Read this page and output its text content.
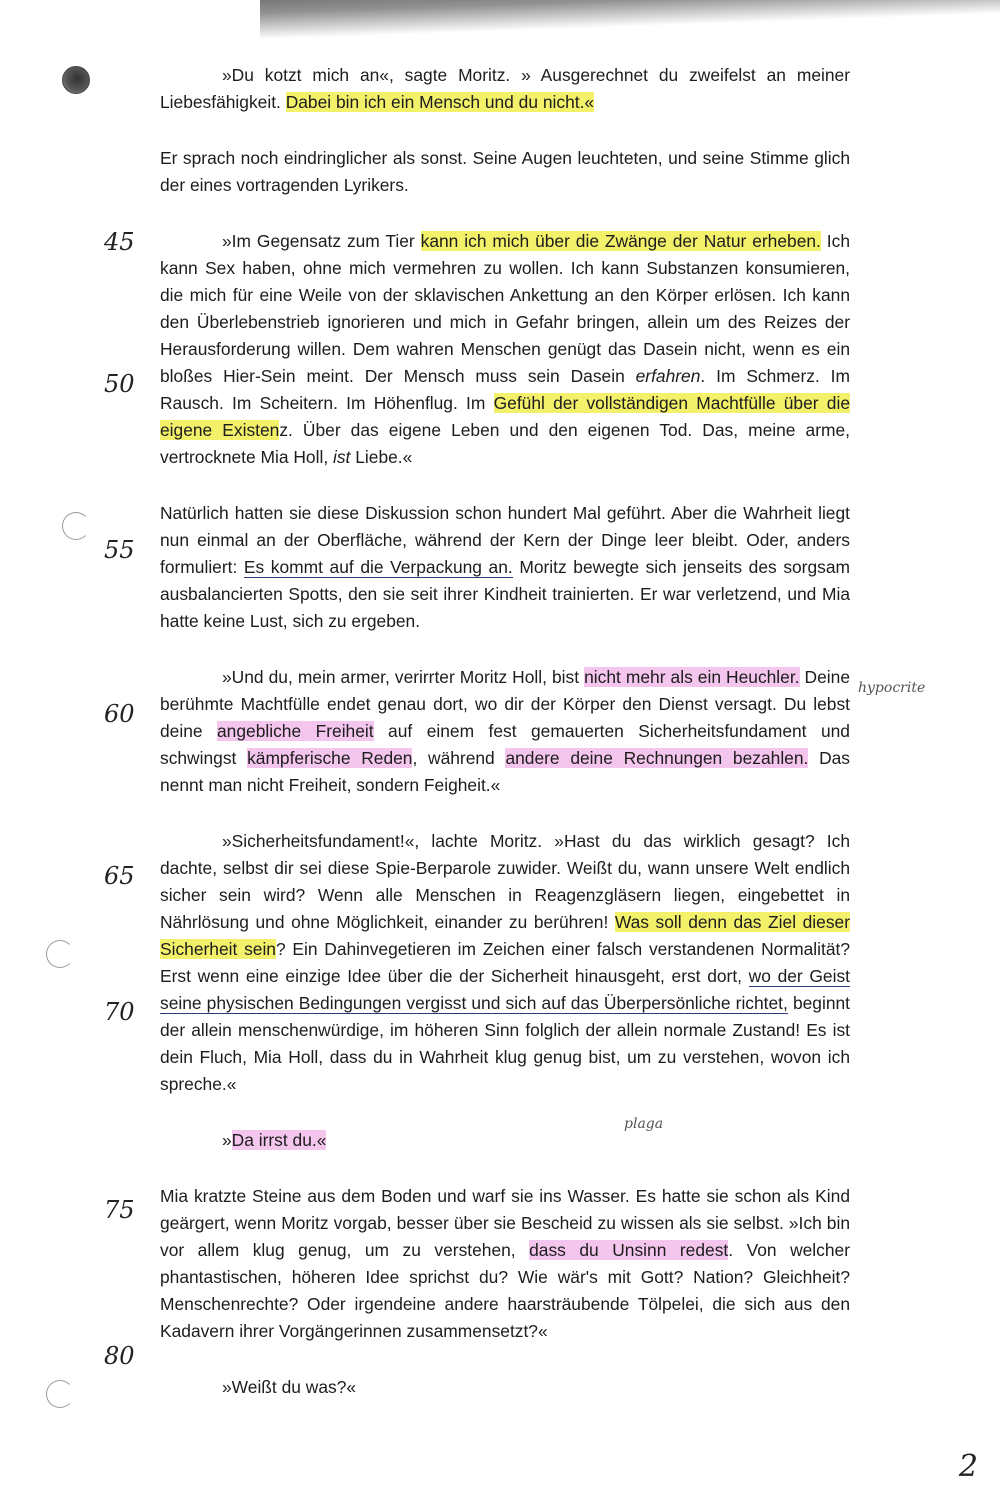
45
50
55
60
65
70
75
80
hypocrite
plaga

»Du kotzt mich an«, sagte Moritz. » Ausgerechnet du zweifelst an meiner Liebesfähigkeit. Dabei bin ich ein Mensch und du nicht.«

Er sprach noch eindringlicher als sonst. Seine Augen leuchteten, und seine Stimme glich der eines vortragenden Lyrikers.

»Im Gegensatz zum Tier kann ich mich über die Zwänge der Natur erheben. Ich kann Sex haben, ohne mich vermehren zu wollen. Ich kann Substanzen konsumieren, die mich für eine Weile von der sklavischen Ankettung an den Körper erlösen. Ich kann den Überlebenstrieb ignorieren und mich in Gefahr bringen, allein um des Reizes der Herausforderung willen. Dem wahren Menschen genügt das Dasein nicht, wenn es ein bloßes Hier-Sein meint. Der Mensch muss sein Dasein erfahren. Im Schmerz. Im Rausch. Im Scheitern. Im Höhenflug. Im Gefühl der vollständigen Machtfülle über die eigene Existenz. Über das eigene Leben und den eigenen Tod. Das, meine arme, vertrocknete Mia Holl, ist Liebe.«

Natürlich hatten sie diese Diskussion schon hundert Mal geführt. Aber die Wahrheit liegt nun einmal an der Oberfläche, während der Kern der Dinge leer bleibt. Oder, anders formuliert: Es kommt auf die Verpackung an. Moritz bewegte sich jenseits des sorgsam ausbalancierten Spotts, den sie seit ihrer Kindheit trainierten. Er war verletzend, und Mia hatte keine Lust, sich zu ergeben.

»Und du, mein armer, verirrter Moritz Holl, bist nicht mehr als ein Heuchler. Deine berühmte Machtfülle endet genau dort, wo dir der Körper den Dienst versagt. Du lebst deine angebliche Freiheit auf einem fest gemauerten Sicherheitsfundament und schwingst kämpferische Reden, während andere deine Rechnungen bezahlen. Das nennt man nicht Freiheit, sondern Feigheit.«

»Sicherheitsfundament!«, lachte Moritz. »Hast du das wirklich gesagt? Ich dachte, selbst dir sei diese Spie-Berparole zuwider. Weißt du, wann unsere Welt endlich sicher sein wird? Wenn alle Menschen in Reagenzgläsern liegen, eingebettet in Nährlösung und ohne Möglichkeit, einander zu berühren! Was soll denn das Ziel dieser Sicherheit sein? Ein Dahinvegetieren im Zeichen einer falsch verstandenen Normalität? Erst wenn eine einzige Idee über die der Sicherheit hinausgeht, erst dort, wo der Geist seine physischen Bedingungen vergisst und sich auf das Überpersönliche richtet, beginnt der allein menschenwürdige, im höheren Sinn folglich der allein normale Zustand! Es ist dein Fluch, Mia Holl, dass du in Wahrheit klug genug bist, um zu verstehen, wovon ich spreche.«

»Da irrst du.«

Mia kratzte Steine aus dem Boden und warf sie ins Wasser. Es hatte sie schon als Kind geärgert, wenn Moritz vorgab, besser über sie Bescheid zu wissen als sie selbst. »Ich bin vor allem klug genug, um zu verstehen, dass du Unsinn redest. Von welcher phantastischen, höheren Idee sprichst du? Wie wär's mit Gott? Nation? Gleichheit? Menschenrechte? Oder irgendeine andere haarsträubende Tölpelei, die sich aus den Kadavern ihrer Vorgängerinnen zusammensetzt?«

»Weißt du was?«

2
